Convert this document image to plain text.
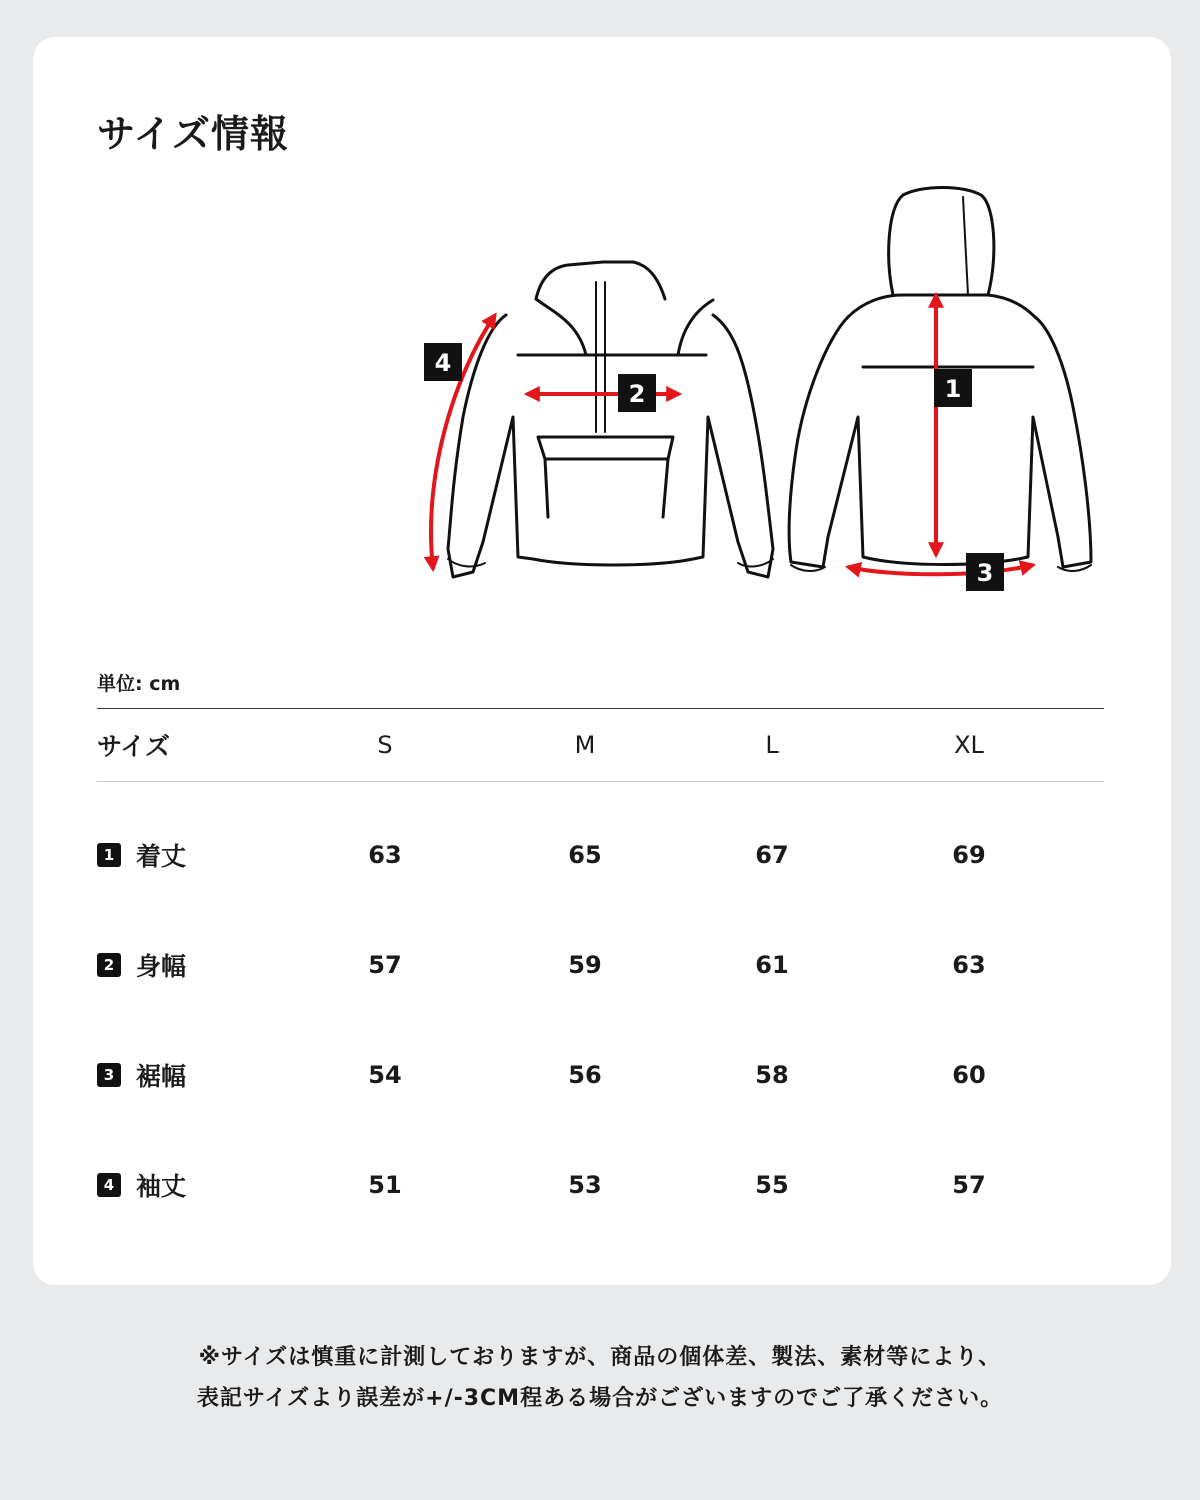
サイズ情報
1
2
3
4
単位: cm
サイズ	S	M	L	XL
1 着丈	63	65	67	69
2 身幅	57	59	61	63
3 裾幅	54	56	58	60
4 袖丈	51	53	55	57
※サイズは慎重に計測しておりますが、商品の個体差、製法、素材等により、
表記サイズより誤差が+/-3CM程ある場合がございますのでご了承ください。
